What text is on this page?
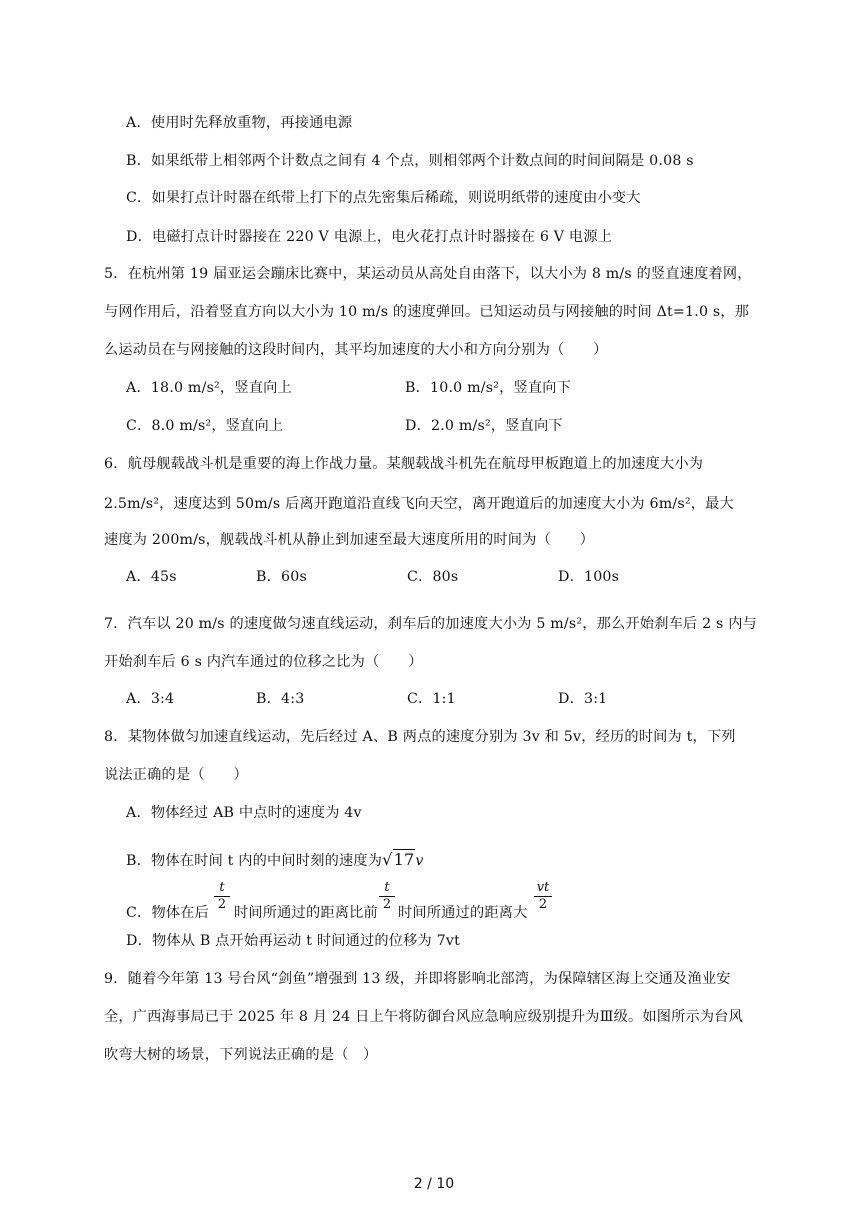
A．使用时先释放重物，再接通电源
B．如果纸带上相邻两个计数点之间有 4 个点，则相邻两个计数点间的时间间隔是 0.08 s
C．如果打点计时器在纸带上打下的点先密集后稀疏，则说明纸带的速度由小变大
D．电磁打点计时器接在 220 V 电源上，电火花打点计时器接在 6 V 电源上
5．在杭州第 19 届亚运会蹦床比赛中，某运动员从高处自由落下，以大小为 8 m/s 的竖直速度着网，
与网作用后，沿着竖直方向以大小为 10 m/s 的速度弹回。已知运动员与网接触的时间 Δt=1.0 s，那
么运动员在与网接触的这段时间内，其平均加速度的大小和方向分别为（　　）
A．18.0 m/s²，竖直向上	B．10.0 m/s²，竖直向下
C．8.0 m/s²，竖直向上	D．2.0 m/s²，竖直向下
6．航母舰载战斗机是重要的海上作战力量。某舰载战斗机先在航母甲板跑道上的加速度大小为
2.5m/s²，速度达到 50m/s 后离开跑道沿直线飞向天空，离开跑道后的加速度大小为 6m/s²，最大
速度为 200m/s，舰载战斗机从静止到加速至最大速度所用的时间为（　　）
A．45s	B．60s	C．80s	D．100s
7．汽车以 20 m/s 的速度做匀速直线运动，刹车后的加速度大小为 5 m/s²，那么开始刹车后 2 s 内与
开始刹车后 6 s 内汽车通过的位移之比为（　　）
A．3:4	B．4:3	C．1:1	D．3:1
8．某物体做匀加速直线运动，先后经过 A、B 两点的速度分别为 3v 和 5v，经历的时间为 t，下列
说法正确的是（　　）
A．物体经过 AB 中点时的速度为 4v
B．物体在时间 t 内的中间时刻的速度为√17v
t
2
t
2
vt
2
C．物体在后 时间所通过的距离比前 时间所通过的距离大
D．物体从 B 点开始再运动 t 时间通过的位移为 7vt
9．随着今年第 13 号台风“剑鱼”增强到 13 级，并即将影响北部湾，为保障辖区海上交通及渔业安
全，广西海事局已于 2025 年 8 月 24 日上午将防御台风应急响应级别提升为Ⅲ级。如图所示为台风
吹弯大树的场景，下列说法正确的是（　）
2 / 10
